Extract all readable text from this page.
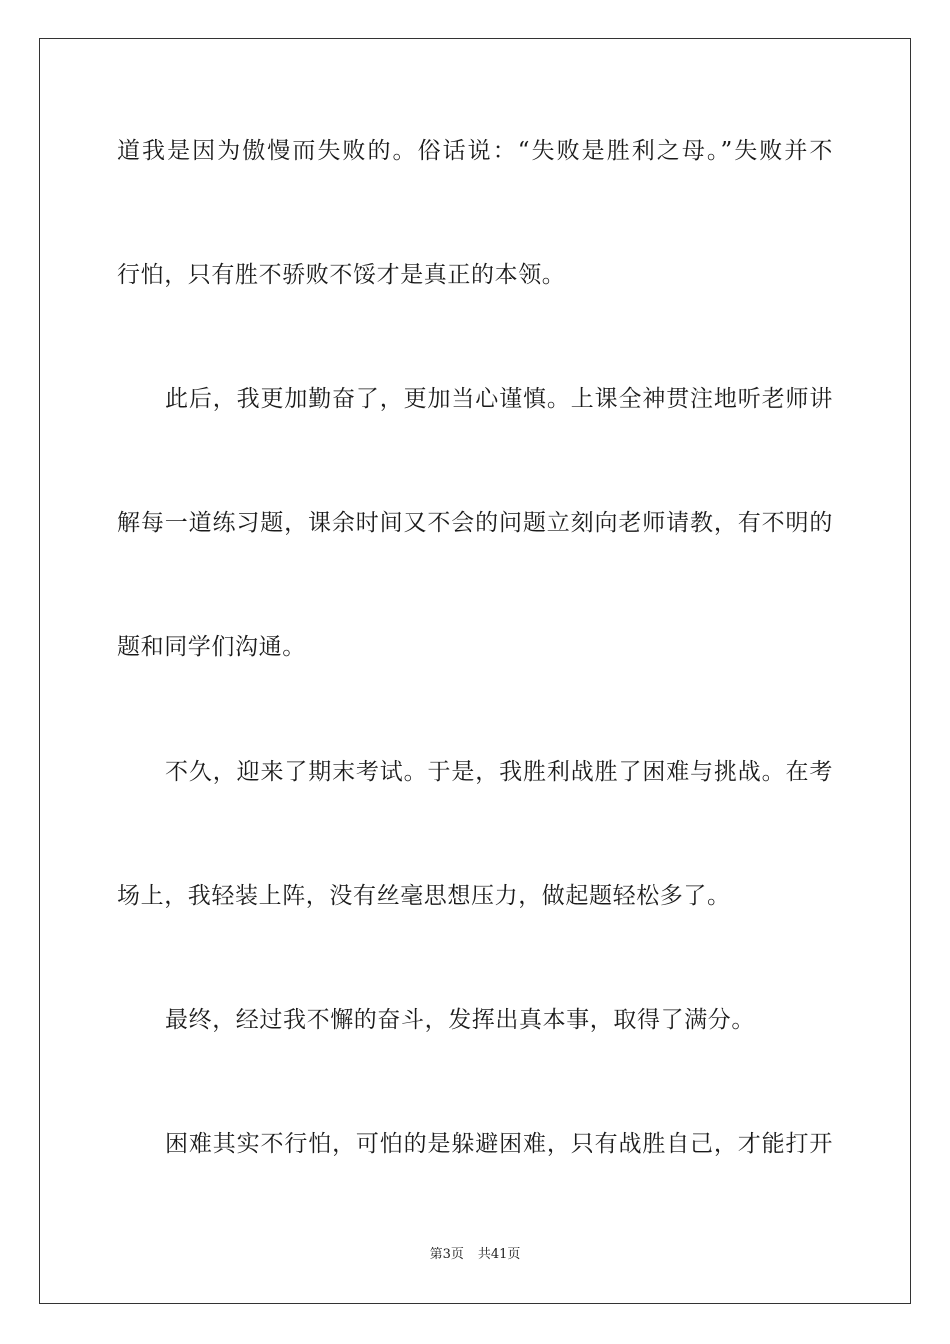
道我是因为傲慢而失败的。俗话说：“失败是胜利之母。”失败并不
行怕，只有胜不骄败不馁才是真正的本领。
此后，我更加勤奋了，更加当心谨慎。上课全神贯注地听老师讲
解每一道练习题，课余时间又不会的问题立刻向老师请教，有不明的
题和同学们沟通。
不久，迎来了期末考试。于是，我胜利战胜了困难与挑战。在考
场上，我轻装上阵，没有丝毫思想压力，做起题轻松多了。
最终，经过我不懈的奋斗，发挥出真本事，取得了满分。
困难其实不行怕，可怕的是躲避困难，只有战胜自己，才能打开
第3页 共41页
